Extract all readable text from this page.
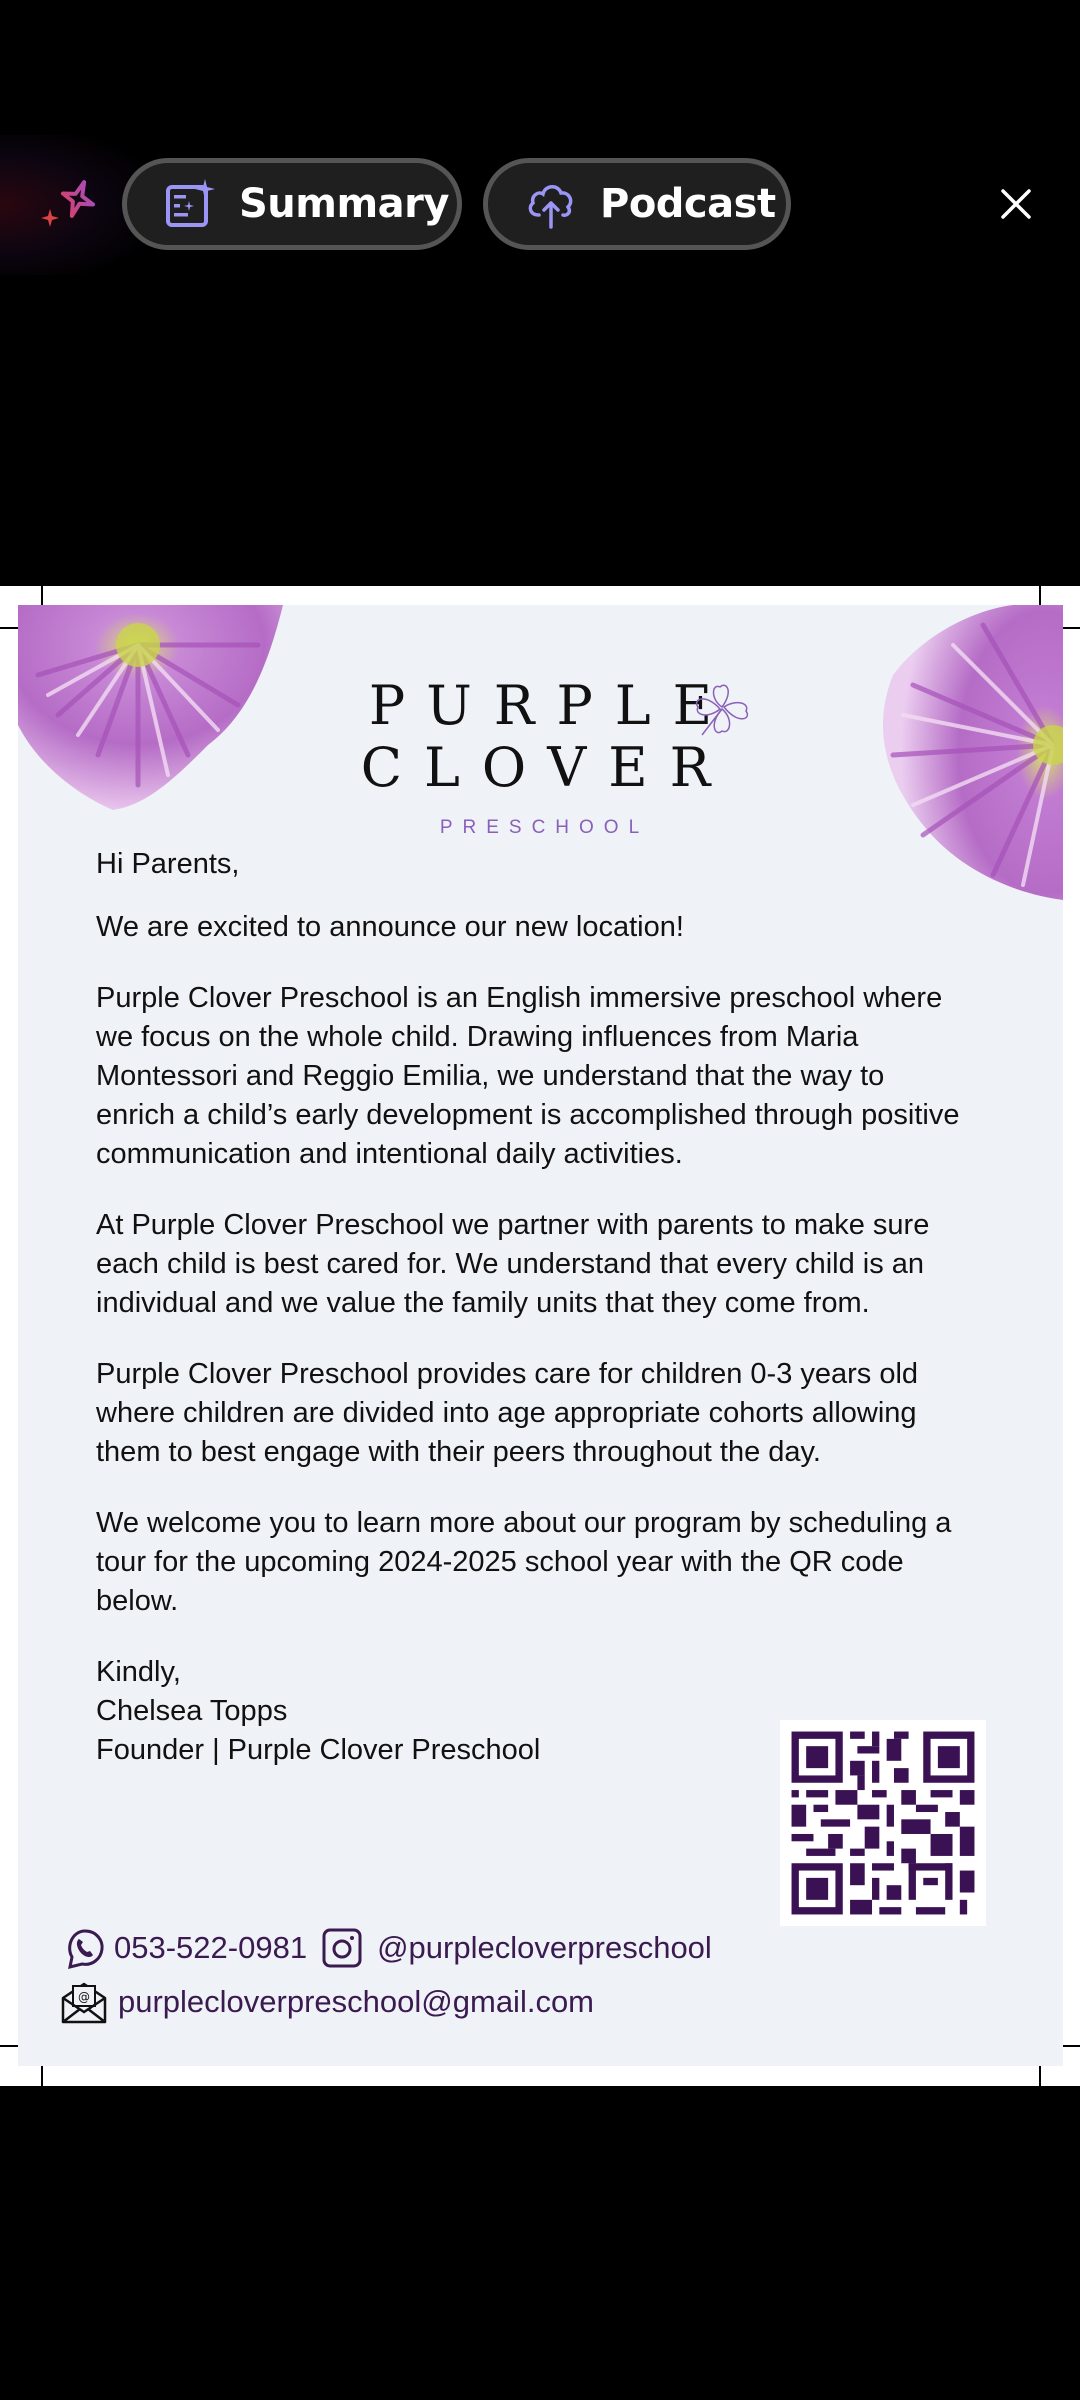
Summary	Podcast
PURPLE
CLOVER
PRESCHOOL

Hi Parents,

We are excited to announce our new location!

Purple Clover Preschool is an English immersive preschool where we focus on the whole child. Drawing influences from Maria Montessori and Reggio Emilia, we understand that the way to enrich a child’s early development is accomplished through positive communication and intentional daily activities.

At Purple Clover Preschool we partner with parents to make sure each child is best cared for. We understand that every child is an individual and we value the family units that they come from.

Purple Clover Preschool provides care for children 0-3 years old where children are divided into age appropriate cohorts allowing them to best engage with their peers throughout the day.

We welcome you to learn more about our program by scheduling a tour for the upcoming 2024-2025 school year with the QR code below.

Kindly,

Chelsea Topps

Founder | Purple Clover Preschool

053-522-0981 @purplecloverpreschool
@ purplecloverpreschool@gmail.com
